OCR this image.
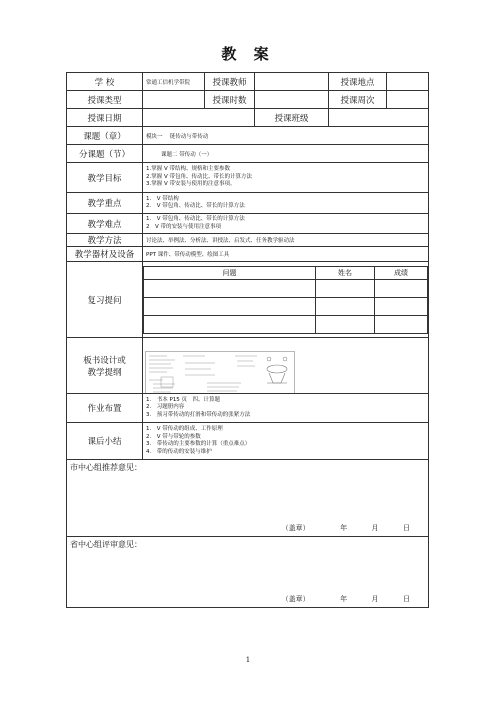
教 案
学 校	常通工信机学带院	授课教师		授课地点	
授课类型		授课时数		授课周次	
授课日期		授课班级	
课题（章）	模块一　 链传动与带传动
分课题（节）	课题二 带传动（一）
教学目标	
1.掌握 V 带结构、规格和主要参数
2.掌握 V 带包角、传动比、带长的计算方法
3.掌握 V 带安装与使用的注意事项。

教学重点	
1.　V 带结构
2.　V 带包角、传动比、带长的计算方法

教学难点	
1.　V 带包角、传动比、带长的计算方法
2　V 带的安装与使用注意事项

教学方法	讨论法、举例法、分析法、讲授法、启发式、任务教学驱动法
教学器材及设备	PPT 课件、带传动模型、绘图工具
复习提问	
问题	姓名	成绩

板书设计或
教学提纲

作业布置	
1.　书本 P15 页　四、计算题
2.　习题册内容
3.　预习带传动的打滑和带传动的张紧方法

课后小结	
1.　V 带传动的组成、工作原理
2.　V 带与带轮的参数
3.　带传动的主要参数的计算（重点难点）
4.　带的传动的安装与维护

市中心组推荐意见：
（盖章）	年	月	日

省中心组评审意见：
（盖章）	年	月	日
1
